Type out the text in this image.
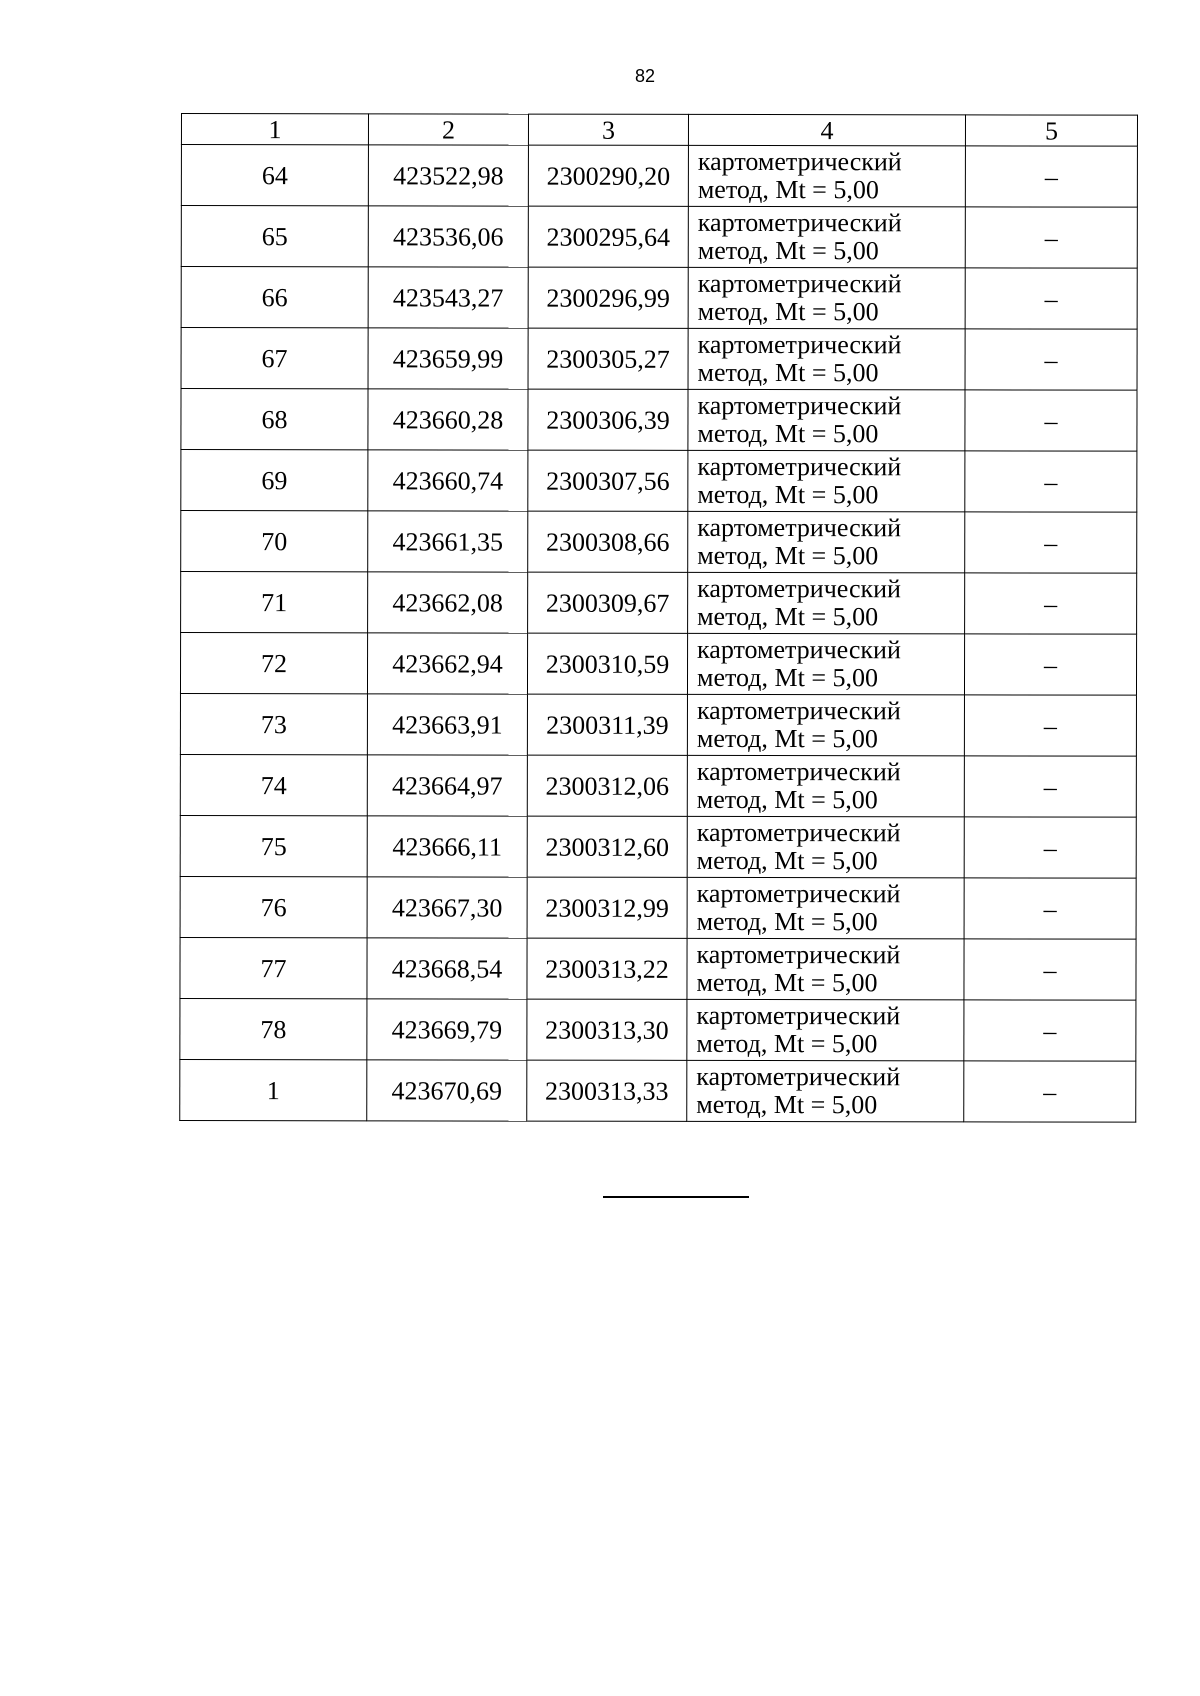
82
1	2	3	4	5
64	423522,98	2300290,20	картометрический
метод, Mt = 5,00	–
65	423536,06	2300295,64	картометрический
метод, Mt = 5,00	–
66	423543,27	2300296,99	картометрический
метод, Mt = 5,00	–
67	423659,99	2300305,27	картометрический
метод, Mt = 5,00	–
68	423660,28	2300306,39	картометрический
метод, Mt = 5,00	–
69	423660,74	2300307,56	картометрический
метод, Mt = 5,00	–
70	423661,35	2300308,66	картометрический
метод, Mt = 5,00	–
71	423662,08	2300309,67	картометрический
метод, Mt = 5,00	–
72	423662,94	2300310,59	картометрический
метод, Mt = 5,00	–
73	423663,91	2300311,39	картометрический
метод, Mt = 5,00	–
74	423664,97	2300312,06	картометрический
метод, Mt = 5,00	–
75	423666,11	2300312,60	картометрический
метод, Mt = 5,00	–
76	423667,30	2300312,99	картометрический
метод, Mt = 5,00	–
77	423668,54	2300313,22	картометрический
метод, Mt = 5,00	–
78	423669,79	2300313,30	картометрический
метод, Mt = 5,00	–
1	423670,69	2300313,33	картометрический
метод, Mt = 5,00	–
